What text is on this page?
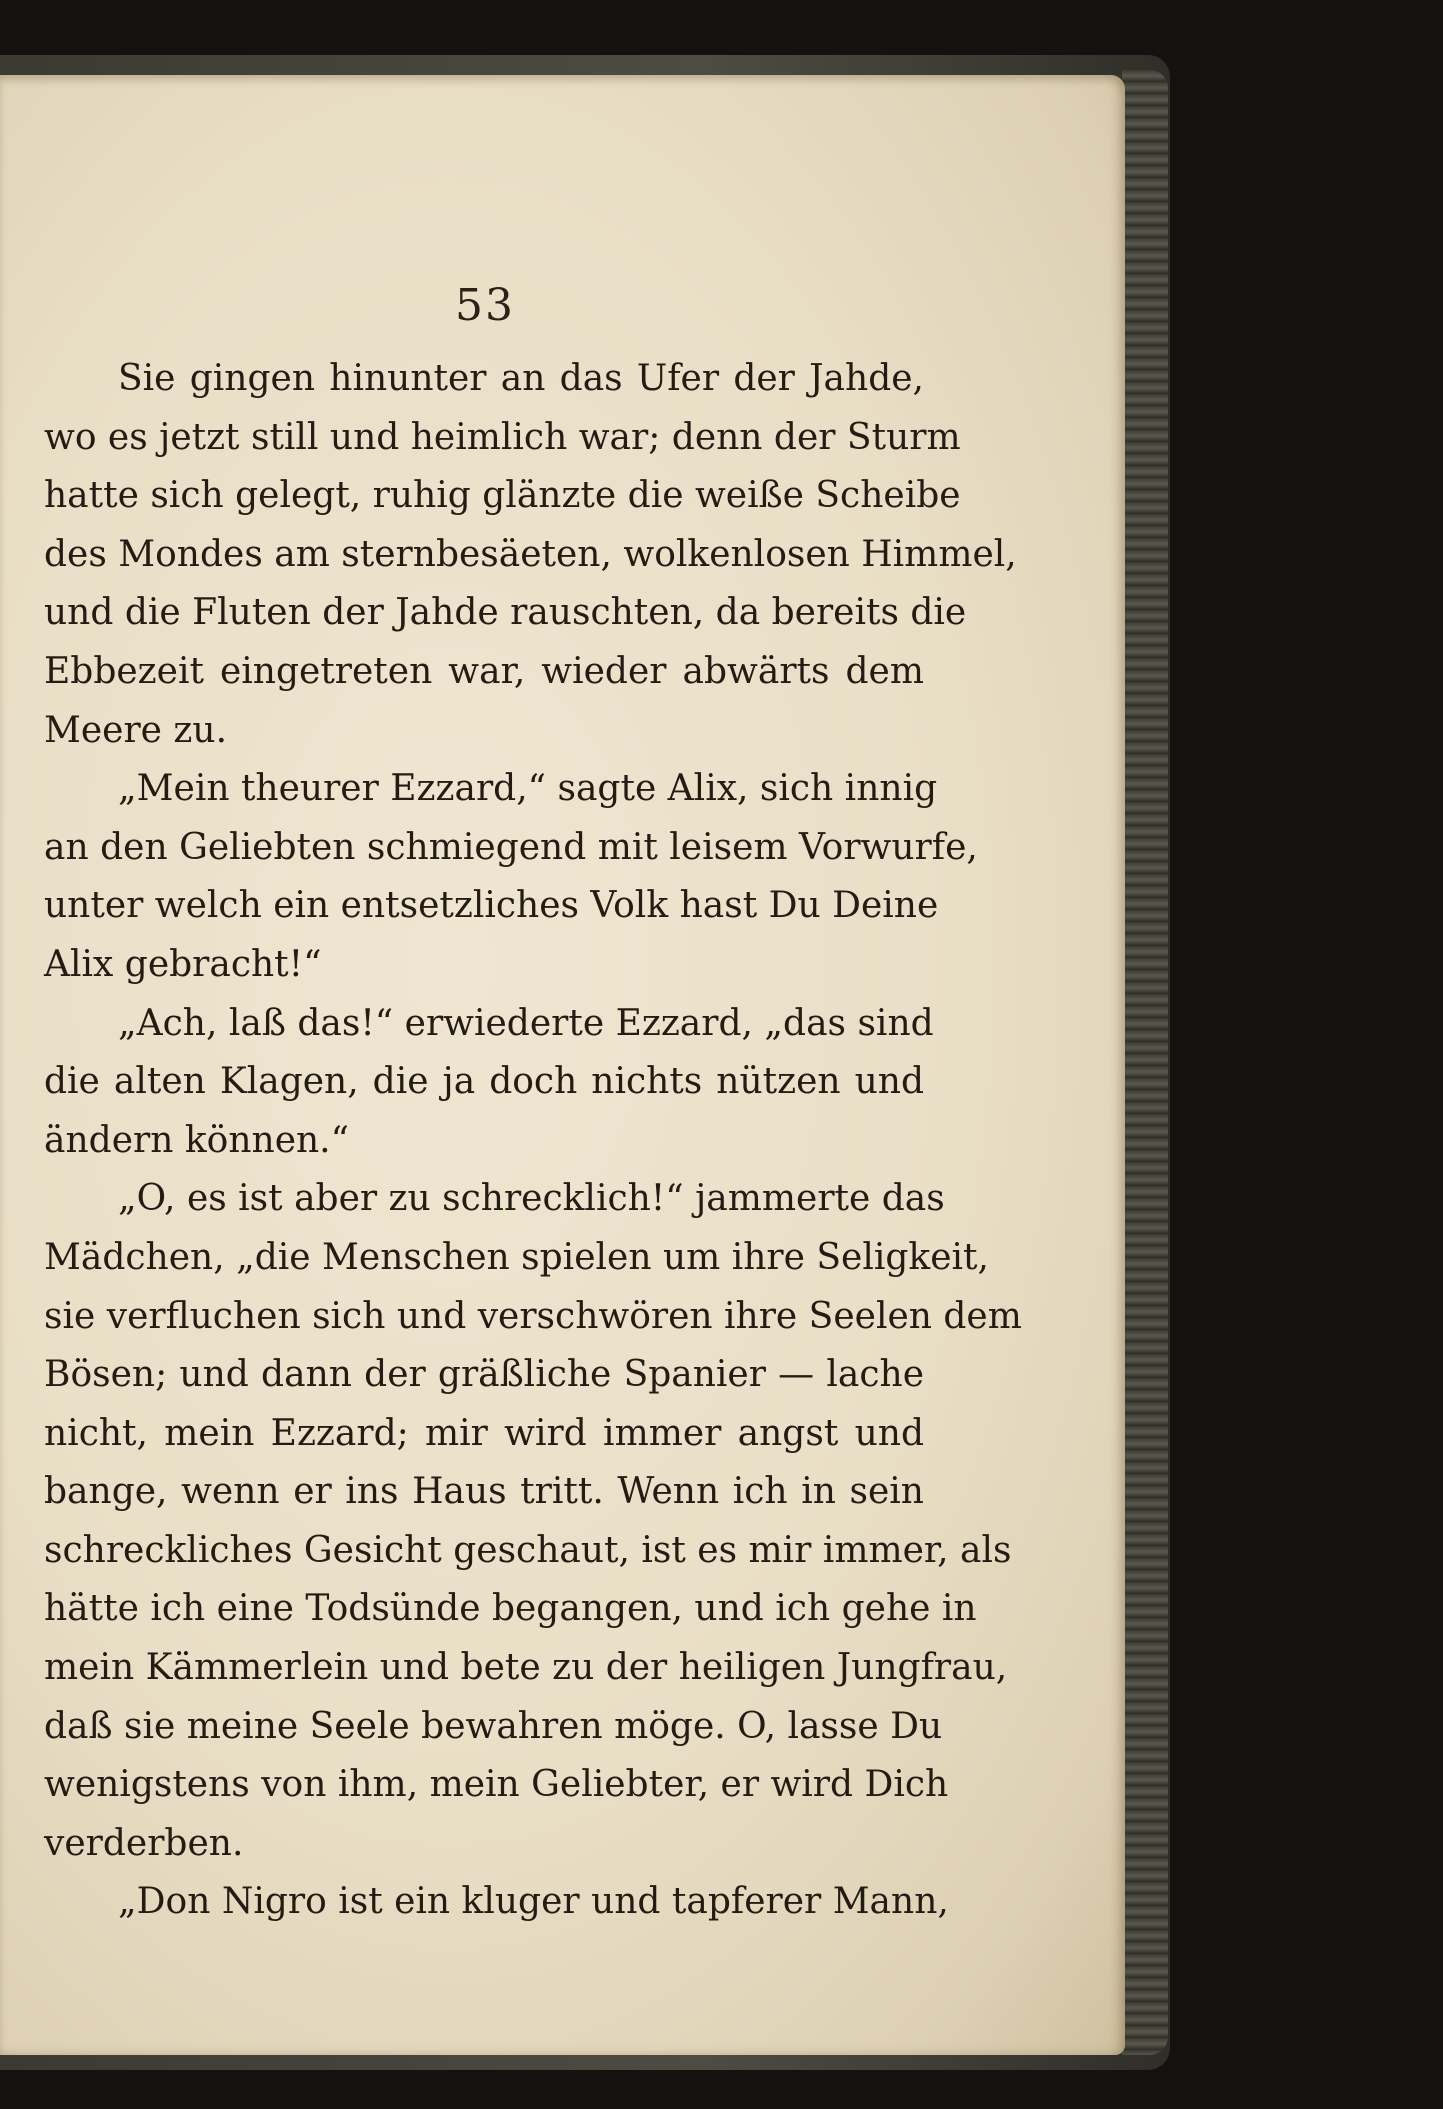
53
Sie gingen hinunter an das Ufer der Jahde,
wo es jetzt still und heimlich war; denn der Sturm
hatte sich gelegt, ruhig glänzte die weiße Scheibe
des Mondes am sternbesäeten, wolkenlosen Himmel,
und die Fluten der Jahde rauschten, da bereits die
Ebbezeit eingetreten war, wieder abwärts dem
Meere zu.
„Mein theurer Ezzard,“ sagte Alix, sich innig
an den Geliebten schmiegend mit leisem Vorwurfe,
unter welch ein entsetzliches Volk hast Du Deine
Alix gebracht!“
„Ach, laß das!“ erwiederte Ezzard, „das sind
die alten Klagen, die ja doch nichts nützen und
ändern können.“
„O, es ist aber zu schrecklich!“ jammerte das
Mädchen, „die Menschen spielen um ihre Seligkeit,
sie verfluchen sich und verschwören ihre Seelen dem
Bösen; und dann der gräßliche Spanier — lache
nicht, mein Ezzard; mir wird immer angst und
bange, wenn er ins Haus tritt. Wenn ich in sein
schreckliches Gesicht geschaut, ist es mir immer, als
hätte ich eine Todsünde begangen, und ich gehe in
mein Kämmerlein und bete zu der heiligen Jungfrau,
daß sie meine Seele bewahren möge. O, lasse Du
wenigstens von ihm, mein Geliebter, er wird Dich
verderben.
„Don Nigro ist ein kluger und tapferer Mann,
